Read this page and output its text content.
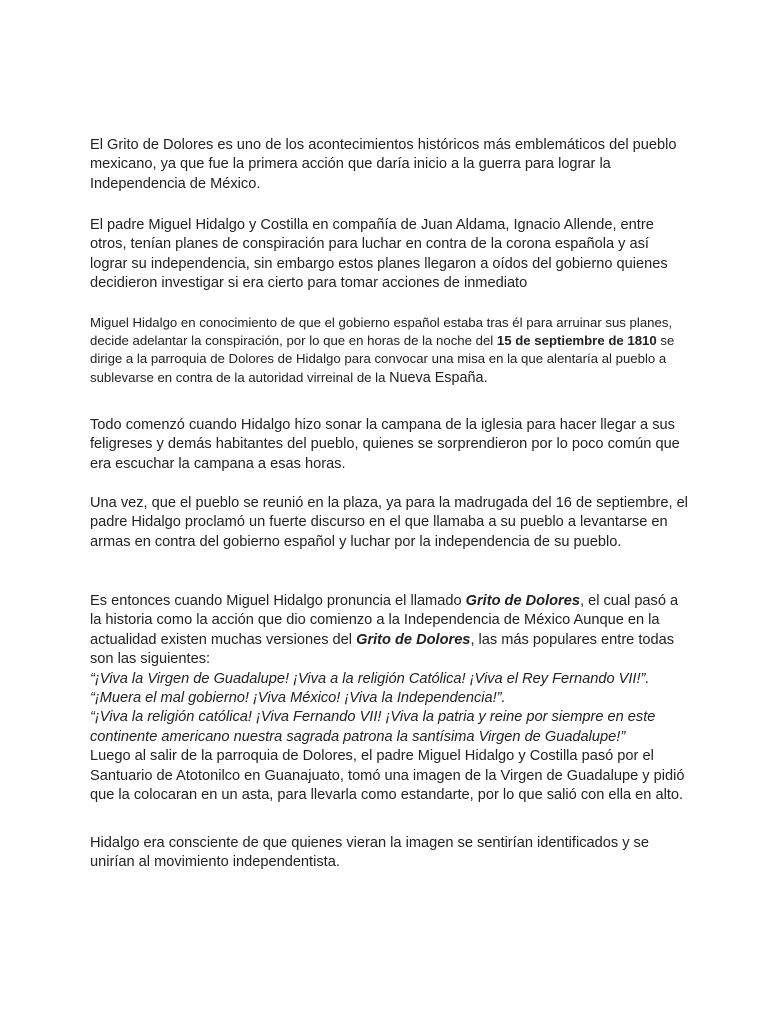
El Grito de Dolores es uno de los acontecimientos históricos más emblemáticos del pueblo mexicano, ya que fue la primera acción que daría inicio a la guerra para lograr la Independencia de México.

El padre Miguel Hidalgo y Costilla en compañía de Juan Aldama, Ignacio Allende, entre otros, tenían planes de conspiración para luchar en contra de la corona española y así lograr su independencia, sin embargo estos planes llegaron a oídos del gobierno quienes decidieron investigar si era cierto para tomar acciones de inmediato

Miguel Hidalgo en conocimiento de que el gobierno español estaba tras él para arruinar sus planes, decide adelantar la conspiración, por lo que en horas de la noche del 15 de septiembre de 1810 se dirige a la parroquia de Dolores de Hidalgo para convocar una misa en la que alentaría al pueblo a sublevarse en contra de la autoridad virreinal de la Nueva España.

Todo comenzó cuando Hidalgo hizo sonar la campana de la iglesia para hacer llegar a sus feligreses y demás habitantes del pueblo, quienes se sorprendieron por lo poco común que era escuchar la campana a esas horas.

Una vez, que el pueblo se reunió en la plaza, ya para la madrugada del 16 de septiembre, el padre Hidalgo proclamó un fuerte discurso en el que llamaba a su pueblo a levantarse en armas en contra del gobierno español y luchar por la independencia de su pueblo.

Es entonces cuando Miguel Hidalgo pronuncia el llamado Grito de Dolores, el cual pasó a la historia como la acción que dio comienzo a la Independencia de México Aunque en la actualidad existen muchas versiones del Grito de Dolores, las más populares entre todas son las siguientes:
“¡Viva la Virgen de Guadalupe! ¡Viva a la religión Católica! ¡Viva el Rey Fernando VII!”.
“¡Muera el mal gobierno! ¡Viva México! ¡Viva la Independencia!”.
“¡Viva la religión católica! ¡Viva Fernando VII! ¡Viva la patria y reine por siempre en este continente americano nuestra sagrada patrona la santísima Virgen de Guadalupe!”
Luego al salir de la parroquia de Dolores, el padre Miguel Hidalgo y Costilla pasó por el Santuario de Atotonilco en Guanajuato, tomó una imagen de la Virgen de Guadalupe y pidió que la colocaran en un asta, para llevarla como estandarte, por lo que salió con ella en alto.

Hidalgo era consciente de que quienes vieran la imagen se sentirían identificados y se unirían al movimiento independentista.
